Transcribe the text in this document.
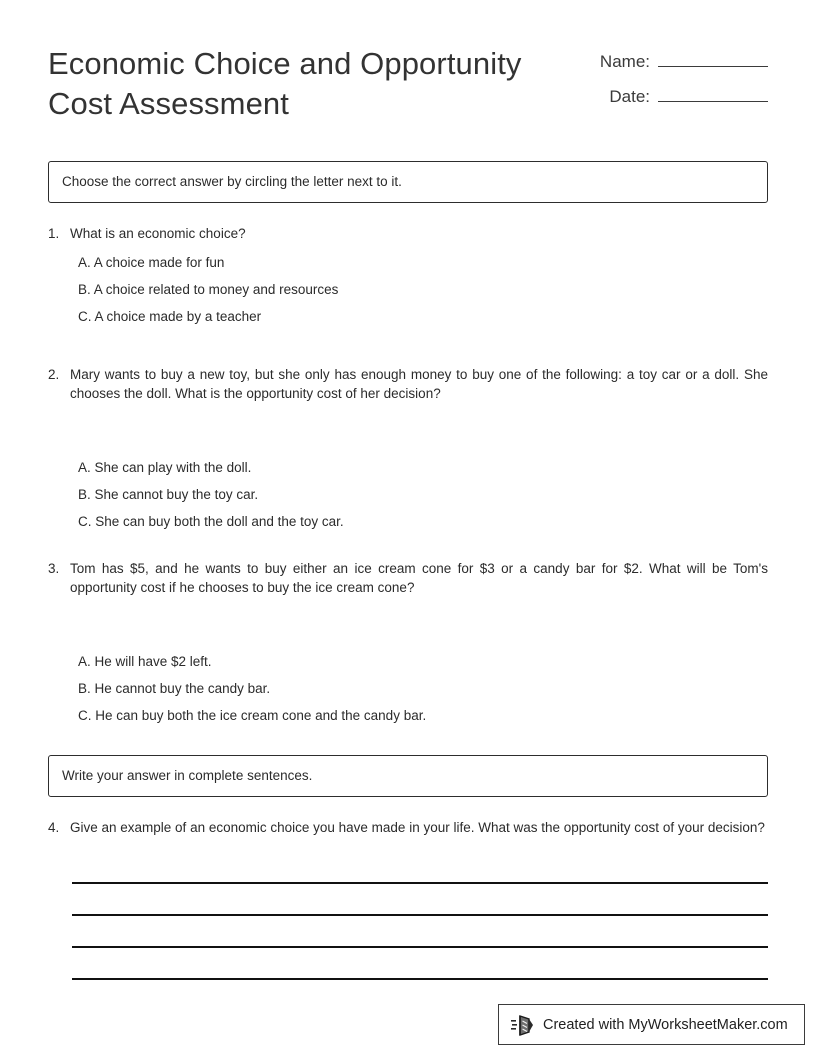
Economic Choice and Opportunity Cost Assessment
Name:
Date:
Choose the correct answer by circling the letter next to it.
1. What is an economic choice?
A. A choice made for fun
B. A choice related to money and resources
C. A choice made by a teacher
2. Mary wants to buy a new toy, but she only has enough money to buy one of the following: a toy car or a doll. She chooses the doll. What is the opportunity cost of her decision?
A. She can play with the doll.
B. She cannot buy the toy car.
C. She can buy both the doll and the toy car.
3. Tom has $5, and he wants to buy either an ice cream cone for $3 or a candy bar for $2. What will be Tom's opportunity cost if he chooses to buy the ice cream cone?
A. He will have $2 left.
B. He cannot buy the candy bar.
C. He can buy both the ice cream cone and the candy bar.
Write your answer in complete sentences.
4. Give an example of an economic choice you have made in your life. What was the opportunity cost of your decision?
Created with MyWorksheetMaker.com
